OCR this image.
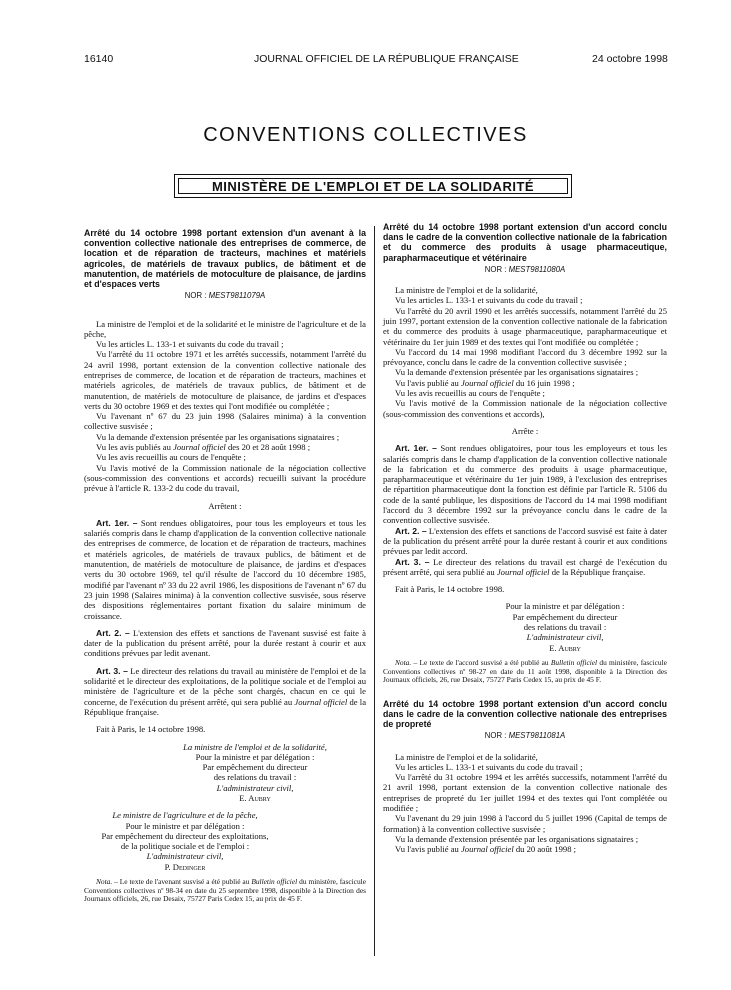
16140	JOURNAL OFFICIEL DE LA RÉPUBLIQUE FRANÇAISE	24 octobre 1998
CONVENTIONS COLLECTIVES
MINISTÈRE DE L'EMPLOI ET DE LA SOLIDARITÉ

Arrêté du 14 octobre 1998 portant extension d'un avenant à la convention collective nationale des entreprises de commerce, de location et de réparation de tracteurs, machines et matériels agricoles, de matériels de travaux publics, de bâtiment et de manutention, de matériels de motoculture de plaisance, de jardins et d'espaces verts

NOR : MEST9811079A

La ministre de l'emploi et de la solidarité et le ministre de l'agriculture et de la pêche,

Vu les articles L. 133-1 et suivants du code du travail ;

Vu l'arrêté du 11 octobre 1971 et les arrêtés successifs, notamment l'arrêté du 24 avril 1998, portant extension de la convention collective nationale des entreprises de commerce, de location et de réparation de tracteurs, machines et matériels agricoles, de matériels de travaux publics, de bâtiment et de manutention, de matériels de motoculture de plaisance, de jardins et d'espaces verts du 30 octobre 1969 et des textes qui l'ont modifiée ou complétée ;

Vu l'avenant nº 67 du 23 juin 1998 (Salaires minima) à la convention collective susvisée ;

Vu la demande d'extension présentée par les organisations signataires ;

Vu les avis publiés au Journal officiel des 20 et 28 août 1998 ;

Vu les avis recueillis au cours de l'enquête ;

Vu l'avis motivé de la Commission nationale de la négociation collective (sous-commission des conventions et accords) recueilli suivant la procédure prévue à l'article R. 133-2 du code du travail,

Arrêtent :

Art. 1er. – Sont rendues obligatoires, pour tous les employeurs et tous les salariés compris dans le champ d'application de la convention collective nationale des entreprises de commerce, de location et de réparation de tracteurs, machines et matériels agricoles, de matériels de travaux publics, de bâtiment et de manutention, de matériels de motoculture de plaisance, de jardins et d'espaces verts du 30 octobre 1969, tel qu'il résulte de l'accord du 10 décembre 1985, modifié par l'avenant nº 33 du 22 avril 1986, les dispositions de l'avenant nº 67 du 23 juin 1998 (Salaires minima) à la convention collective susvisée, sous réserve des dispositions réglementaires portant fixation du salaire minimum de croissance.

Art. 2. – L'extension des effets et sanctions de l'avenant susvisé est faite à dater de la publication du présent arrêté, pour la durée restant à courir et aux conditions prévues par ledit avenant.

Art. 3. – Le directeur des relations du travail au ministère de l'emploi et de la solidarité et le directeur des exploitations, de la politique sociale et de l'emploi au ministère de l'agriculture et de la pêche sont chargés, chacun en ce qui le concerne, de l'exécution du présent arrêté, qui sera publié au Journal officiel de la République française.

Fait à Paris, le 14 octobre 1998.

La ministre de l'emploi et de la solidarité,

Pour la ministre et par délégation :

Par empêchement du directeur

des relations du travail :

L'administrateur civil,

E. Aubry

Le ministre de l'agriculture et de la pêche,

Pour le ministre et par délégation :

Par empêchement du directeur des exploitations,

de la politique sociale et de l'emploi :

L'administrateur civil,

P. Dedinger

Nota. – Le texte de l'avenant susvisé a été publié au Bulletin officiel du ministère, fascicule Conventions collectives nº 98-34 en date du 25 septembre 1998, disponible à la Direction des Journaux officiels, 26, rue Desaix, 75727 Paris Cedex 15, au prix de 45 F.

Arrêté du 14 octobre 1998 portant extension d'un accord conclu dans le cadre de la convention collective nationale de la fabrication et du commerce des produits à usage pharmaceutique, parapharmaceutique et vétérinaire

NOR : MEST9811080A

La ministre de l'emploi et de la solidarité,

Vu les articles L. 133-1 et suivants du code du travail ;

Vu l'arrêté du 20 avril 1990 et les arrêtés successifs, notamment l'arrêté du 25 juin 1997, portant extension de la convention collective nationale de la fabrication et du commerce des produits à usage pharmaceutique, parapharmaceutique et vétérinaire du 1er juin 1989 et des textes qui l'ont modifiée ou complétée ;

Vu l'accord du 14 mai 1998 modifiant l'accord du 3 décembre 1992 sur la prévoyance, conclu dans le cadre de la convention collective susvisée ;

Vu la demande d'extension présentée par les organisations signataires ;

Vu l'avis publié au Journal officiel du 16 juin 1998 ;

Vu les avis recueillis au cours de l'enquête ;

Vu l'avis motivé de la Commission nationale de la négociation collective (sous-commission des conventions et accords),

Arrête :

Art. 1er. – Sont rendues obligatoires, pour tous les employeurs et tous les salariés compris dans le champ d'application de la convention collective nationale de la fabrication et du commerce des produits à usage pharmaceutique, parapharmaceutique et vétérinaire du 1er juin 1989, à l'exclusion des entreprises de répartition pharmaceutique dont la fonction est définie par l'article R. 5106 du code de la santé publique, les dispositions de l'accord du 14 mai 1998 modifiant l'accord du 3 décembre 1992 sur la prévoyance conclu dans le cadre de la convention collective susvisée.

Art. 2. – L'extension des effets et sanctions de l'accord susvisé est faite à dater de la publication du présent arrêté pour la durée restant à courir et aux conditions prévues par ledit accord.

Art. 3. – Le directeur des relations du travail est chargé de l'exécution du présent arrêté, qui sera publié au Journal officiel de la République française.

Fait à Paris, le 14 octobre 1998.

Pour la ministre et par délégation :

Par empêchement du directeur

des relations du travail :

L'administrateur civil,

E. Aubry

Nota. – Le texte de l'accord susvisé a été publié au Bulletin officiel du ministère, fascicule Conventions collectives nº 98-27 en date du 11 août 1998, disponible à la Direction des Journaux officiels, 26, rue Desaix, 75727 Paris Cedex 15, au prix de 45 F.

Arrêté du 14 octobre 1998 portant extension d'un accord conclu dans le cadre de la convention collective nationale des entreprises de propreté

NOR : MEST9811081A

La ministre de l'emploi et de la solidarité,

Vu les articles L. 133-1 et suivants du code du travail ;

Vu l'arrêté du 31 octobre 1994 et les arrêtés successifs, notamment l'arrêté du 21 avril 1998, portant extension de la convention collective nationale des entreprises de propreté du 1er juillet 1994 et des textes qui l'ont complétée ou modifiée ;

Vu l'avenant du 29 juin 1998 à l'accord du 5 juillet 1996 (Capital de temps de formation) à la convention collective susvisée ;

Vu la demande d'extension présentée par les organisations signataires ;

Vu l'avis publié au Journal officiel du 20 août 1998 ;
